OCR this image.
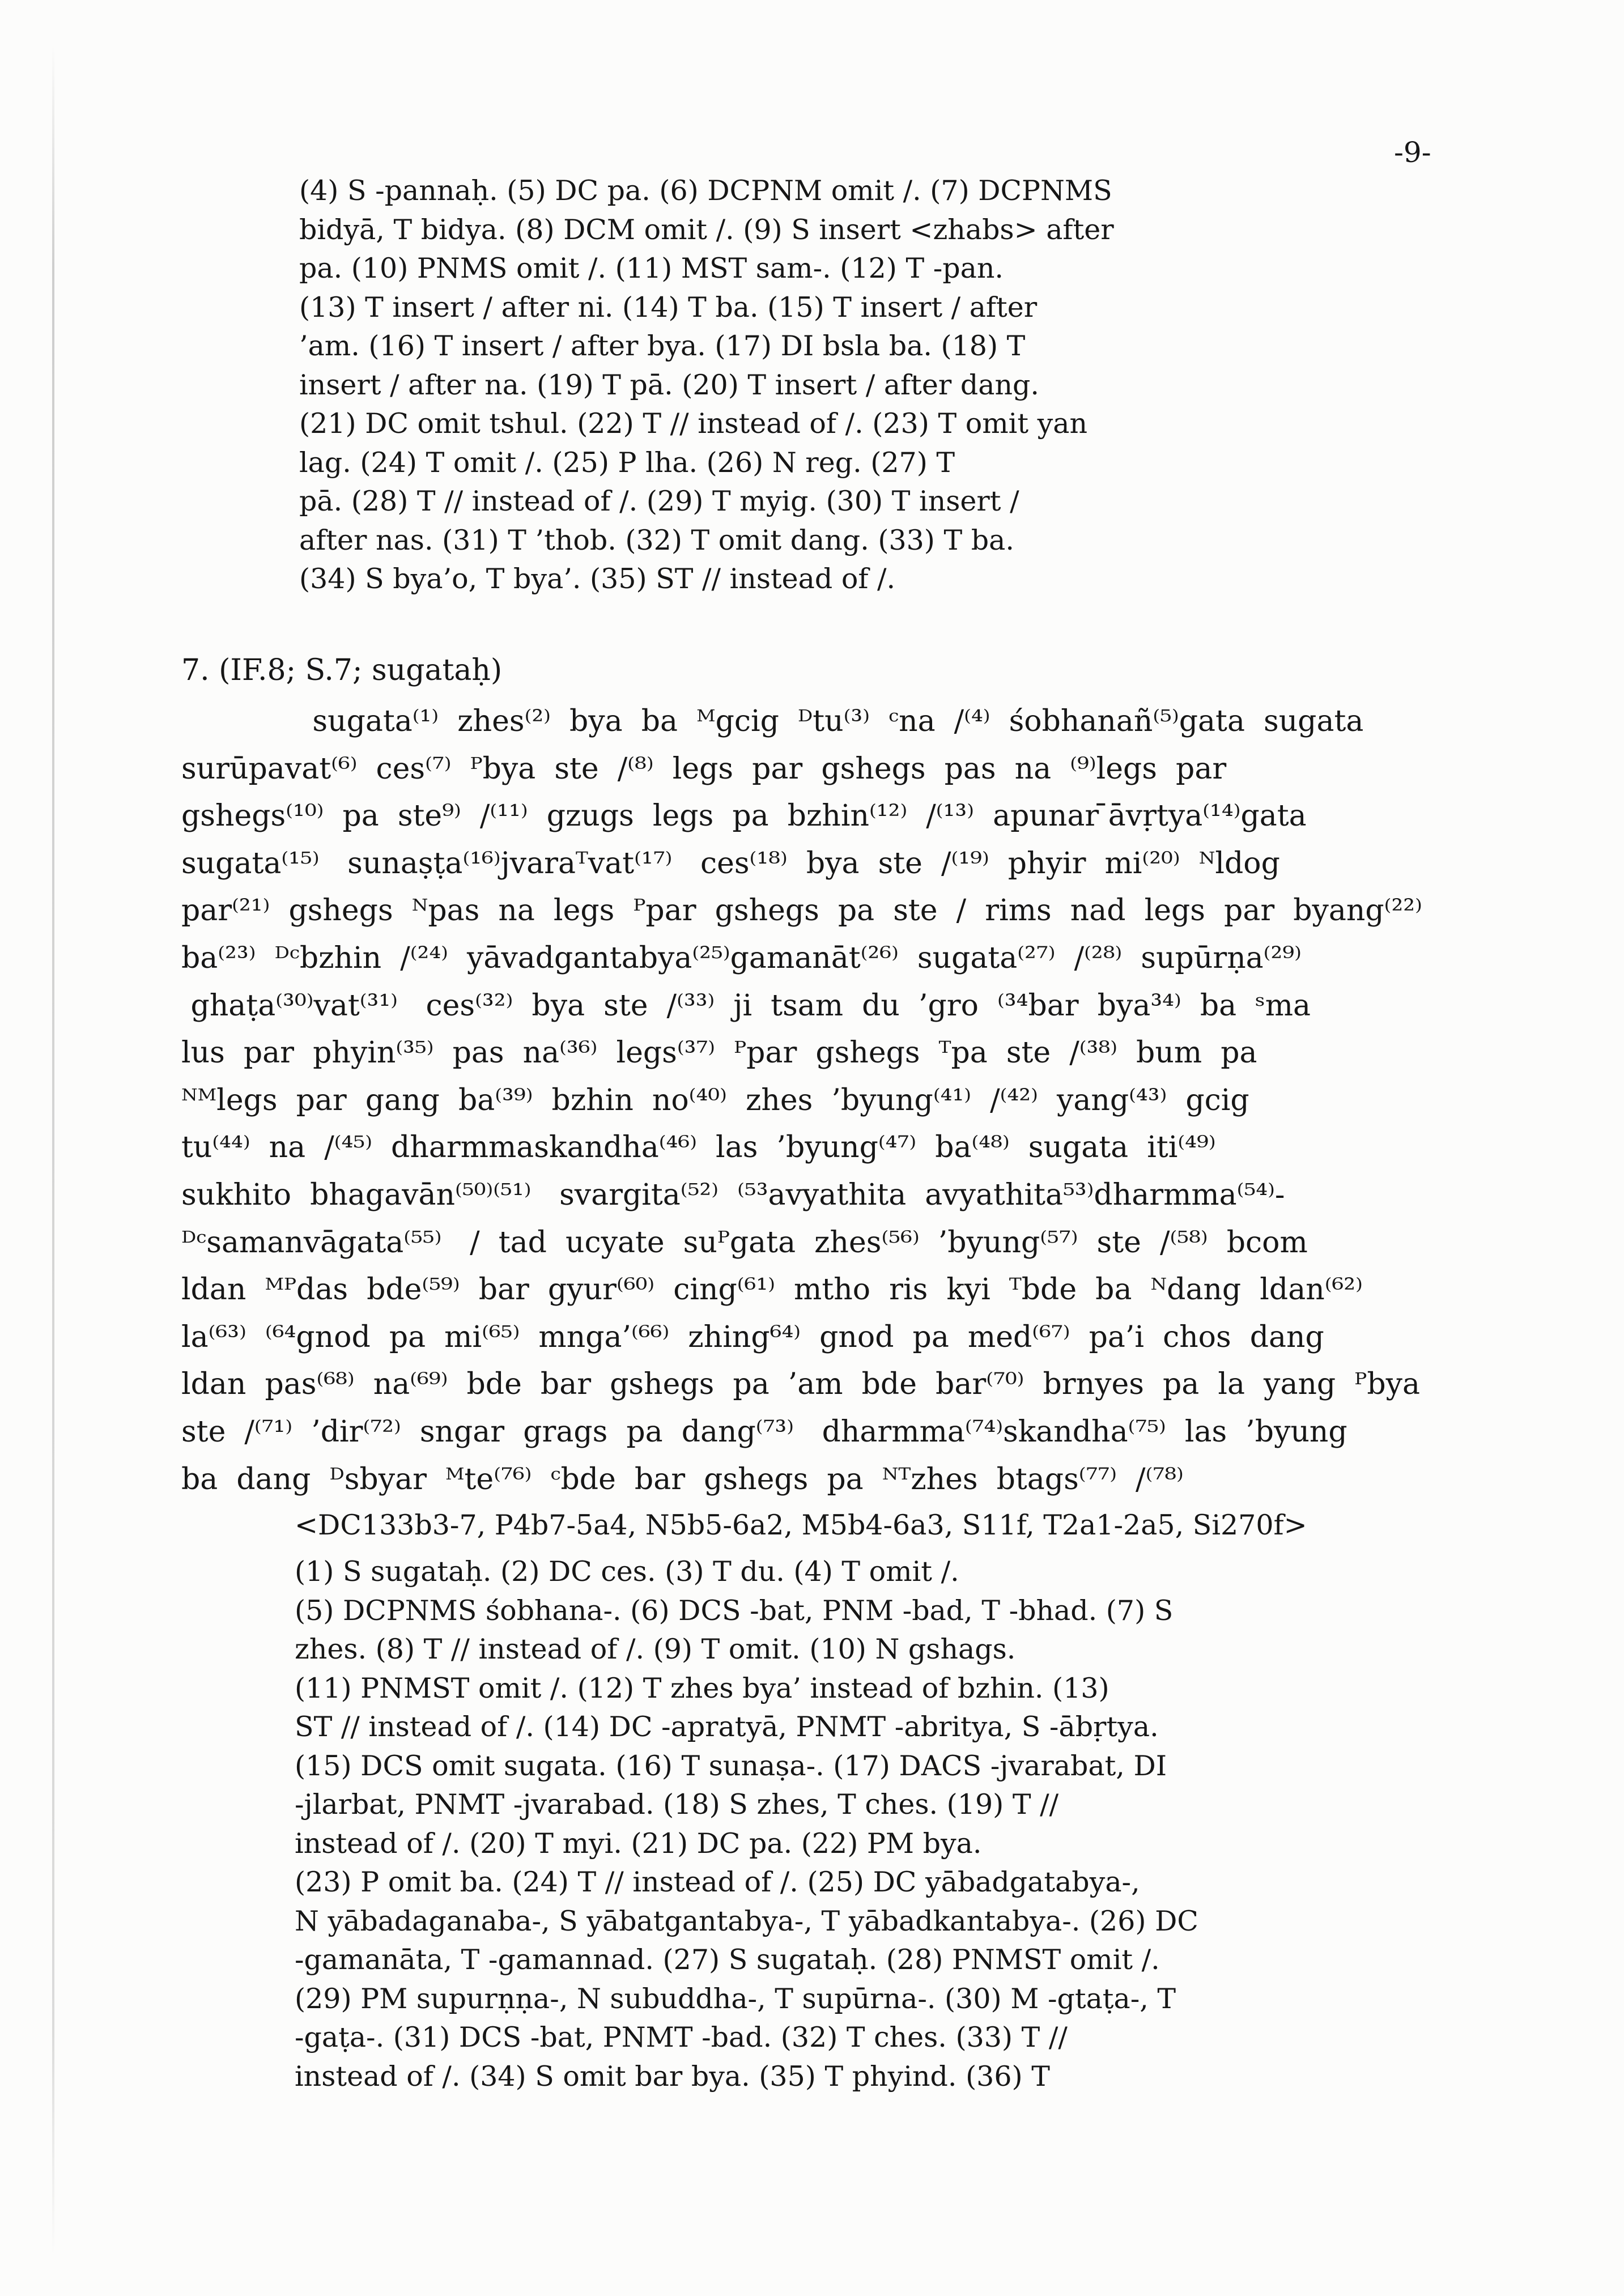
-9-
(4) S -pannaḥ. (5) DC pa. (6) DCPNM omit /. (7) DCPNMS
bidyā, T bidya. (8) DCM omit /. (9) S insert <zhabs> after
pa. (10) PNMS omit /. (11) MST sam-. (12) T -pan.
(13) T insert / after ni. (14) T ba. (15) T insert / after
’am. (16) T insert / after bya. (17) DI bsla ba. (18) T
insert / after na. (19) T pā. (20) T insert / after dang.
(21) DC omit tshul. (22) T // instead of /. (23) T omit yan
lag. (24) T omit /. (25) P lha. (26) N reg. (27) T
pā. (28) T // instead of /. (29) T myig. (30) T insert /
after nas. (31) T ’thob. (32) T omit dang. (33) T ba.
(34) S bya’o, T bya’. (35) ST // instead of /.
7. (IF.8; S.7; sugataḥ)
sugata⁽¹⁾  zhes⁽²⁾  bya  ba  ᴹgcig  ᴰtu⁽³⁾  ᶜna  /⁽⁴⁾  śobhanañ⁽⁵⁾gata  sugata
surūpavat⁽⁶⁾  ces⁽⁷⁾  ᴾbya  ste  /⁽⁸⁾  legs  par  gshegs  pas  na  ⁽⁹⁾legs  par
gshegs⁽¹⁰⁾  pa  ste⁹⁾  /⁽¹¹⁾  gzugs  legs  pa  bzhin⁽¹²⁾  /⁽¹³⁾  apunar ̄āvṛtya⁽¹⁴⁾gata
sugata⁽¹⁵⁾   sunaṣṭa⁽¹⁶⁾jvaraᵀvat⁽¹⁷⁾   ces⁽¹⁸⁾  bya  ste  /⁽¹⁹⁾  phyir  mi⁽²⁰⁾  ᴺldog
par⁽²¹⁾  gshegs  ᴺpas  na  legs  ᴾpar  gshegs  pa  ste  /  rims  nad  legs  par  byang⁽²²⁾
ba⁽²³⁾  ᴰᶜbzhin  /⁽²⁴⁾  yāvadgantabya⁽²⁵⁾gamanāt⁽²⁶⁾  sugata⁽²⁷⁾  /⁽²⁸⁾  supūrṇa⁽²⁹⁾
ghaṭa⁽³⁰⁾vat⁽³¹⁾   ces⁽³²⁾  bya  ste  /⁽³³⁾  ji  tsam  du  ’gro  ⁽³⁴bar  bya³⁴⁾  ba  ˢma
lus  par  phyin⁽³⁵⁾  pas  na⁽³⁶⁾  legs⁽³⁷⁾  ᴾpar  gshegs  ᵀpa  ste  /⁽³⁸⁾  bum  pa
ᴺᴹlegs  par  gang  ba⁽³⁹⁾  bzhin  no⁽⁴⁰⁾  zhes  ’byung⁽⁴¹⁾  /⁽⁴²⁾  yang⁽⁴³⁾  gcig
tu⁽⁴⁴⁾  na  /⁽⁴⁵⁾  dharmmaskandha⁽⁴⁶⁾  las  ’byung⁽⁴⁷⁾  ba⁽⁴⁸⁾  sugata  iti⁽⁴⁹⁾
sukhito  bhagavān⁽⁵⁰⁾⁽⁵¹⁾   svargita⁽⁵²⁾  ⁽⁵³avyathita  avyathita⁵³⁾dharmma⁽⁵⁴⁾-
ᴰᶜsamanvāgata⁽⁵⁵⁾   /  tad  ucyate  suᴾgata  zhes⁽⁵⁶⁾  ’byung⁽⁵⁷⁾  ste  /⁽⁵⁸⁾  bcom
ldan  ᴹᴾdas  bde⁽⁵⁹⁾  bar  gyur⁽⁶⁰⁾  cing⁽⁶¹⁾  mtho  ris  kyi  ᵀbde  ba  ᴺdang  ldan⁽⁶²⁾
la⁽⁶³⁾  ⁽⁶⁴gnod  pa  mi⁽⁶⁵⁾  mnga’⁽⁶⁶⁾  zhing⁶⁴⁾  gnod  pa  med⁽⁶⁷⁾  pa’i  chos  dang
ldan  pas⁽⁶⁸⁾  na⁽⁶⁹⁾  bde  bar  gshegs  pa  ’am  bde  bar⁽⁷⁰⁾  brnyes  pa  la  yang  ᴾbya
ste  /⁽⁷¹⁾  ’dir⁽⁷²⁾  sngar  grags  pa  dang⁽⁷³⁾   dharmma⁽⁷⁴⁾skandha⁽⁷⁵⁾  las  ’byung
ba  dang  ᴰsbyar  ᴹte⁽⁷⁶⁾  ᶜbde  bar  gshegs  pa  ᴺᵀzhes  btags⁽⁷⁷⁾  /⁽⁷⁸⁾
<DC133b3-7, P4b7-5a4, N5b5-6a2, M5b4-6a3, S11f, T2a1-2a5, Si270f>
(1) S sugataḥ. (2) DC ces. (3) T du. (4) T omit /.
(5) DCPNMS śobhana-. (6) DCS -bat, PNM -bad, T -bhad. (7) S
zhes. (8) T // instead of /. (9) T omit. (10) N gshags.
(11) PNMST omit /. (12) T zhes bya’ instead of bzhin. (13)
ST // instead of /. (14) DC -apratyā, PNMT -abritya, S -ābṛtya.
(15) DCS omit sugata. (16) T sunaṣa-. (17) DACS -jvarabat, DI
-jlarbat, PNMT -jvarabad. (18) S zhes, T ches. (19) T //
instead of /. (20) T myi. (21) DC pa. (22) PM bya.
(23) P omit ba. (24) T // instead of /. (25) DC yābadgatabya-,
N yābadaganaba-, S yābatgantabya-, T yābadkantabya-. (26) DC
-gamanāta, T -gamannad. (27) S sugataḥ. (28) PNMST omit /.
(29) PM supurṇṇa-, N subuddha-, T supūrna-. (30) M -gtaṭa-, T
-gaṭa-. (31) DCS -bat, PNMT -bad. (32) T ches. (33) T //
instead of /. (34) S omit bar bya. (35) T phyind. (36) T
